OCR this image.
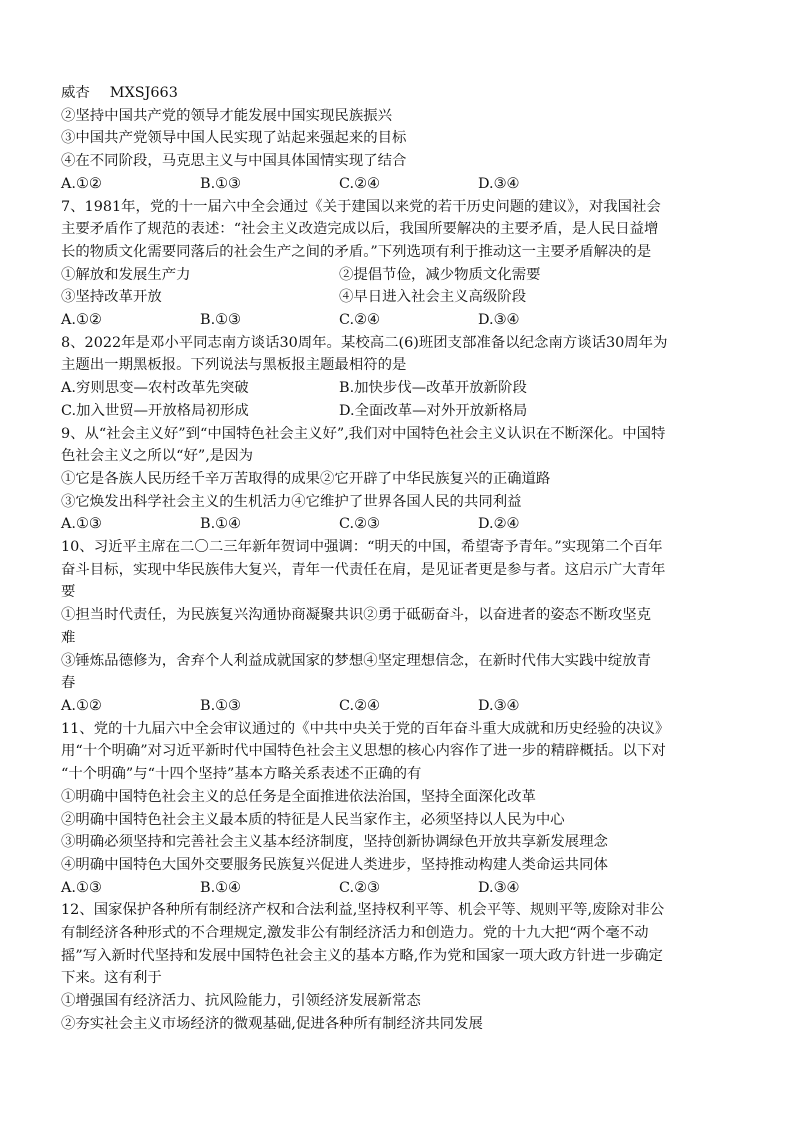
威杏 MXSJ663
②坚持中国共产党的领导才能发展中国实现民族振兴
③中国共产党领导中国人民实现了站起来强起来的目标
④在不同阶段，马克思主义与中国具体国情实现了结合
A.①②	B.①③	C.②④	D.③④
7、1981年，党的十一届六中全会通过《关于建国以来党的若干历史问题的建议》，对我国社会
主要矛盾作了规范的表述：“社会主义改造完成以后，我国所要解决的主要矛盾，是人民日益增
长的物质文化需要同落后的社会生产之间的矛盾。”下列选项有利于推动这一主要矛盾解决的是
①解放和发展生产力	②提倡节俭，减少物质文化需要
③坚持改革开放	④早日进入社会主义高级阶段
A.①②	B.①③	C.②④	D.③④
8、2022年是邓小平同志南方谈话30周年。某校高二(6)班团支部准备以纪念南方谈话30周年为
主题出一期黑板报。下列说法与黑板报主题最相符的是
A.穷则思变—农村改革先突破	B.加快步伐—改革开放新阶段
C.加入世贸—开放格局初形成	D.全面改革—对外开放新格局
9、从“社会主义好”到“中国特色社会主义好”,我们对中国特色社会主义认识在不断深化。中国特
色社会主义之所以“好”,是因为
①它是各族人民历经千辛万苦取得的成果②它开辟了中华民族复兴的正确道路
③它焕发出科学社会主义的生机活力④它维护了世界各国人民的共同利益
A.①③	B.①④	C.②③	D.②④
10、习近平主席在二〇二三年新年贺词中强调：“明天的中国，希望寄予青年。”实现第二个百年
奋斗目标，实现中华民族伟大复兴，青年一代责任在肩，是见证者更是参与者。这启示广大青年
要
①担当时代责任，为民族复兴沟通协商凝聚共识②勇于砥砺奋斗，以奋进者的姿态不断攻坚克
难
③锤炼品德修为，舍弃个人利益成就国家的梦想④坚定理想信念，在新时代伟大实践中绽放青
春
A.①②	B.①③	C.②④	D.③④
11、党的十九届六中全会审议通过的《中共中央关于党的百年奋斗重大成就和历史经验的决议》
用“十个明确”对习近平新时代中国特色社会主义思想的核心内容作了进一步的精辟概括。以下对
“十个明确”与“十四个坚持”基本方略关系表述不正确的有
①明确中国特色社会主义的总任务是全面推进依法治国，坚持全面深化改革
②明确中国特色社会主义最本质的特征是人民当家作主，必须坚持以人民为中心
③明确必须坚持和完善社会主义基本经济制度，坚持创新协调绿色开放共享新发展理念
④明确中国特色大国外交要服务民族复兴促进人类进步，坚持推动构建人类命运共同体
A.①③	B.①④	C.②③	D.③④
12、国家保护各种所有制经济产权和合法利益,坚持权利平等、机会平等、规则平等,废除对非公
有制经济各种形式的不合理规定,激发非公有制经济活力和创造力。党的十九大把“两个毫不动
摇”写入新时代坚持和发展中国特色社会主义的基本方略,作为党和国家一项大政方针进一步确定
下来。这有利于
①增强国有经济活力、抗风险能力，引领经济发展新常态
②夯实社会主义市场经济的微观基础,促进各种所有制经济共同发展
